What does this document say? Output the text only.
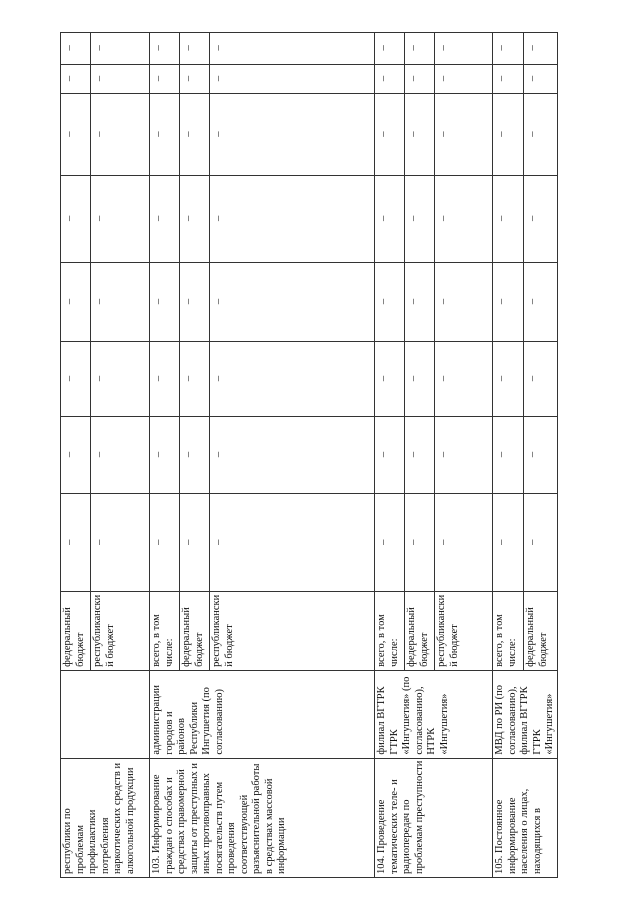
республики по проблемам профилактики потребления наркотических средств и алкогольной продукции		федеральный бюджет	–	–	–	–	–	–	–	–
		республиканский бюджет	–	–	–	–	–	–	–	–
103. Информирование граждан о способах и средствах правомерной защиты от преступных и иных противоправных посягательств путем проведения соответствующей разъяснительной работы в средствах массовой информации	администрации городов и районов Республики Ингушетия (по согласованию)	всего, в том числе:	–	–	–	–	–	–	–	–
		федеральный бюджет	–	–	–	–	–	–	–	–
		республиканский бюджет	–	–	–	–	–	–	–	–
104. Проведение тематических теле- и радиопередач по проблемам преступности	филиал ВГТРК ГТРК «Ингушетия» (по согласованию), НТРК «Ингушетия»	всего, в том числе:	–	–	–	–	–	–	–	–
		федеральный бюджет	–	–	–	–	–	–	–	–
		республиканский бюджет	–	–	–	–	–	–	–	–
105. Постоянное информирование населения о лицах, находящихся в	МВД по РИ (по согласованию), филиал ВГТРК ГТРК «Ингушетия»	всего, в том числе:	–	–	–	–	–	–	–	–
		федеральный бюджет	–	–	–	–	–	–	–	–
